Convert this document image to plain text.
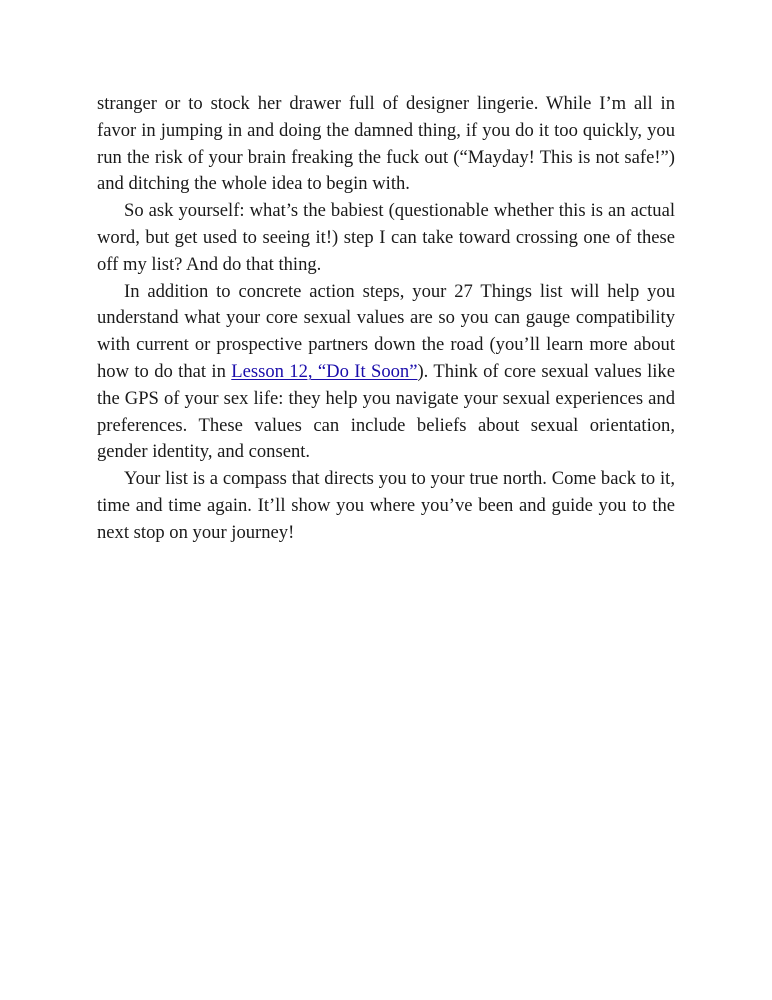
stranger or to stock her drawer full of designer lingerie. While I’m all in favor in jumping in and doing the damned thing, if you do it too quickly, you run the risk of your brain freaking the fuck out (“Mayday! This is not safe!”) and ditching the whole idea to begin with.

So ask yourself: what’s the babiest (questionable whether this is an actual word, but get used to seeing it!) step I can take toward crossing one of these off my list? And do that thing.

In addition to concrete action steps, your 27 Things list will help you understand what your core sexual values are so you can gauge compatibility with current or prospective partners down the road (you’ll learn more about how to do that in Lesson 12, “Do It Soon”). Think of core sexual values like the GPS of your sex life: they help you navigate your sexual experiences and preferences. These values can include beliefs about sexual orientation, gender identity, and consent.

Your list is a compass that directs you to your true north. Come back to it, time and time again. It’ll show you where you’ve been and guide you to the next stop on your journey!
